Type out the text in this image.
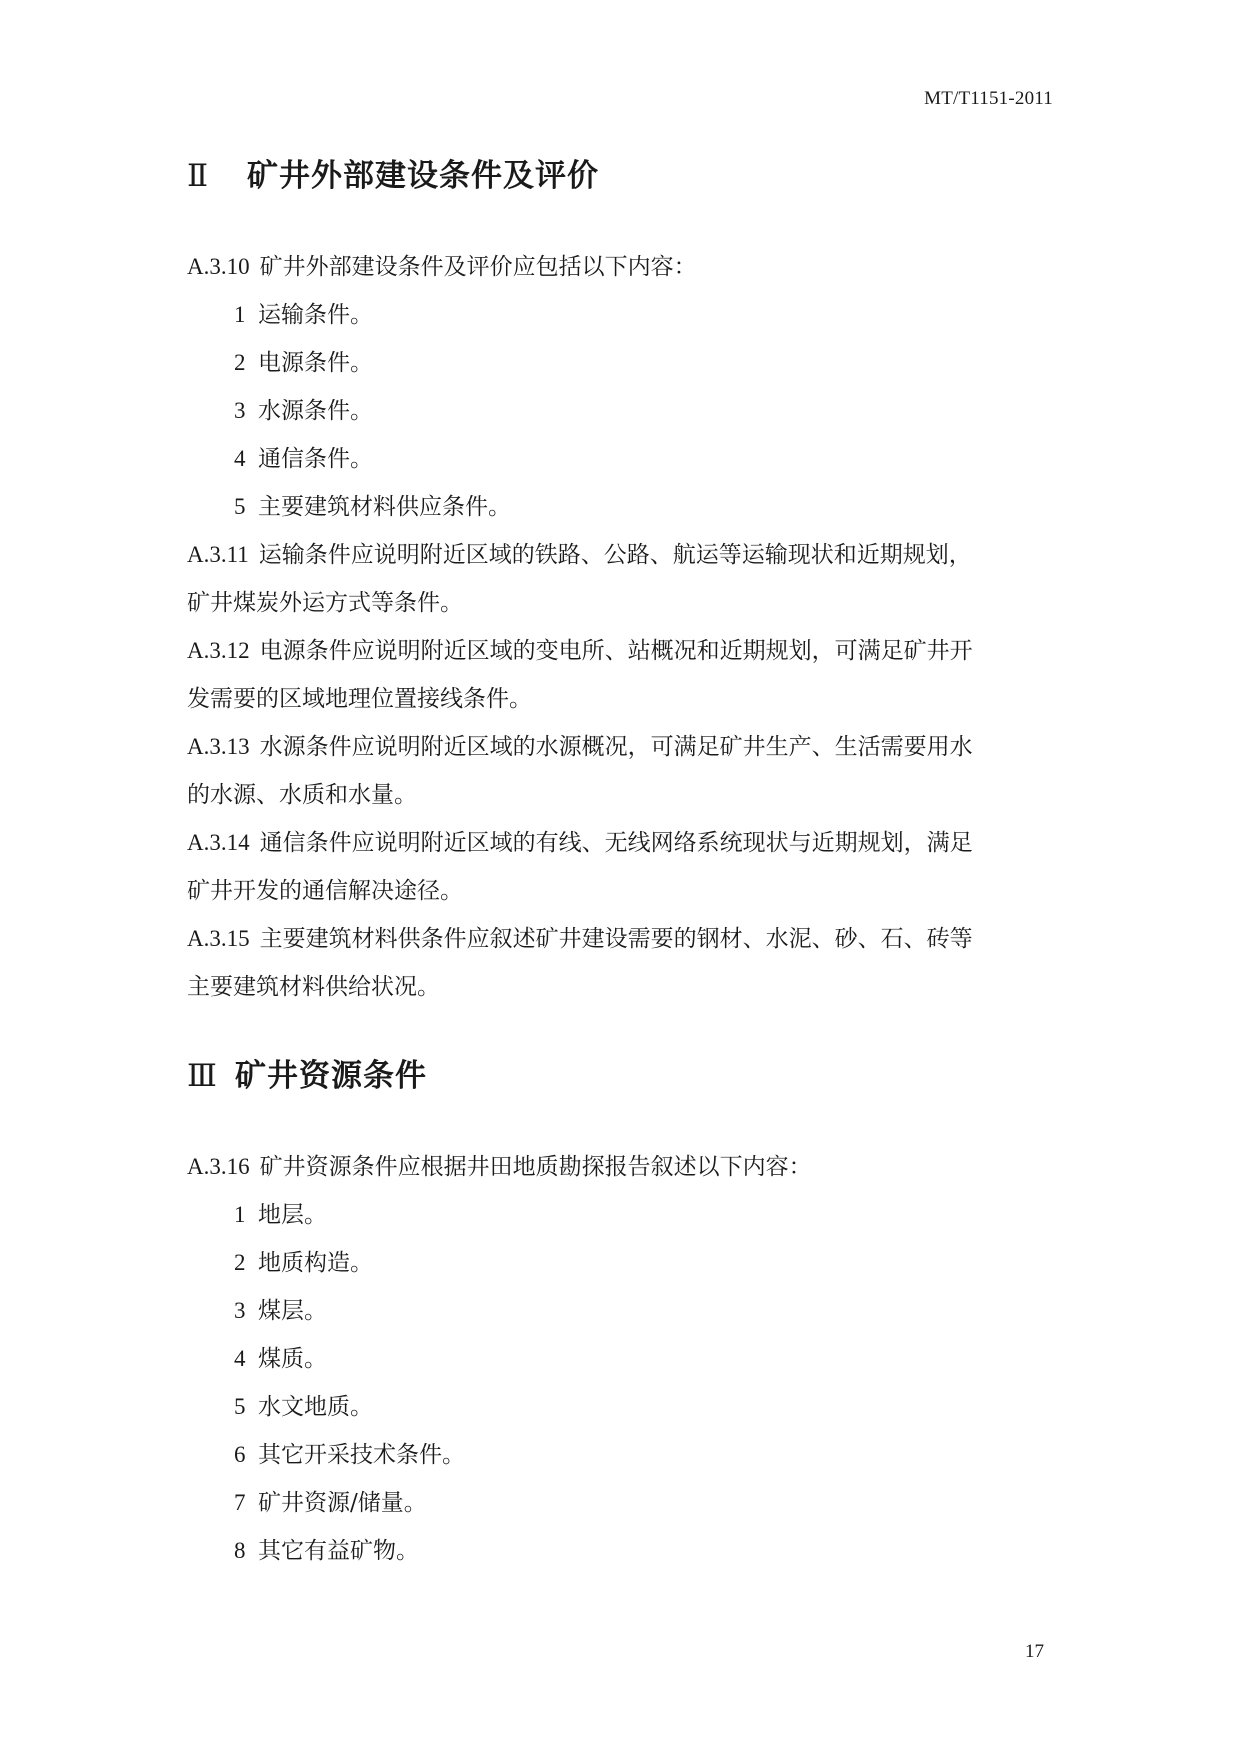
MT/T1151-2011
Ⅱ 矿井外部建设条件及评价

A.3.10 矿井外部建设条件及评价应包括以下内容：

1 运输条件。

2 电源条件。

3 水源条件。

4 通信条件。

5 主要建筑材料供应条件。

A.3.11 运输条件应说明附近区域的铁路、公路、航运等运输现状和近期规划，
矿井煤炭外运方式等条件。
A.3.12 电源条件应说明附近区域的变电所、站概况和近期规划，可满足矿井开
发需要的区域地理位置接线条件。
A.3.13 水源条件应说明附近区域的水源概况，可满足矿井生产、生活需要用水
的水源、水质和水量。
A.3.14 通信条件应说明附近区域的有线、无线网络系统现状与近期规划，满足
矿井开发的通信解决途径。
A.3.15 主要建筑材料供条件应叙述矿井建设需要的钢材、水泥、砂、石、砖等
主要建筑材料供给状况。
Ⅲ 矿井资源条件

A.3.16 矿井资源条件应根据井田地质勘探报告叙述以下内容：

1 地层。

2 地质构造。

3 煤层。

4 煤质。

5 水文地质。

6 其它开采技术条件。

7 矿井资源/储量。

8 其它有益矿物。

17
